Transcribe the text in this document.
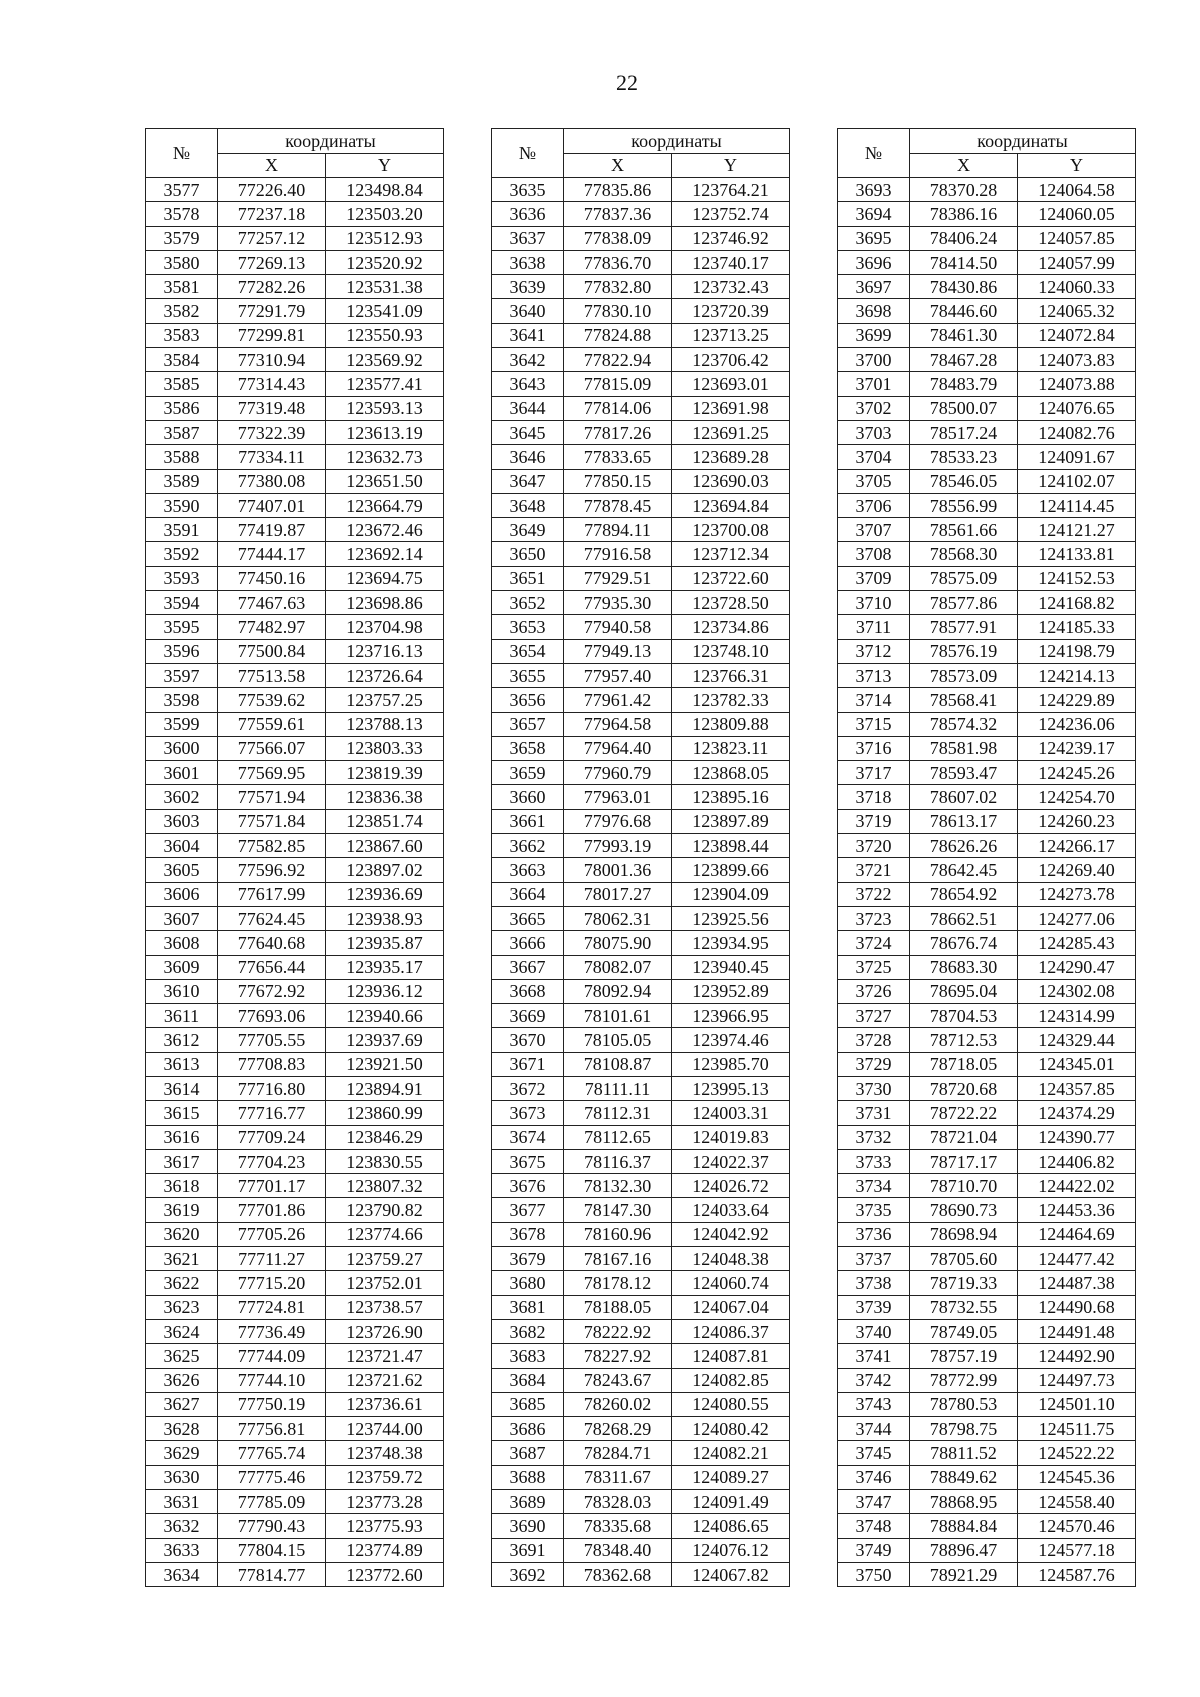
22
№	координаты	
	X	Y
3577	77226.40	123498.84
3578	77237.18	123503.20
3579	77257.12	123512.93
3580	77269.13	123520.92
3581	77282.26	123531.38
3582	77291.79	123541.09
3583	77299.81	123550.93
3584	77310.94	123569.92
3585	77314.43	123577.41
3586	77319.48	123593.13
3587	77322.39	123613.19
3588	77334.11	123632.73
3589	77380.08	123651.50
3590	77407.01	123664.79
3591	77419.87	123672.46
3592	77444.17	123692.14
3593	77450.16	123694.75
3594	77467.63	123698.86
3595	77482.97	123704.98
3596	77500.84	123716.13
3597	77513.58	123726.64
3598	77539.62	123757.25
3599	77559.61	123788.13
3600	77566.07	123803.33
3601	77569.95	123819.39
3602	77571.94	123836.38
3603	77571.84	123851.74
3604	77582.85	123867.60
3605	77596.92	123897.02
3606	77617.99	123936.69
3607	77624.45	123938.93
3608	77640.68	123935.87
3609	77656.44	123935.17
3610	77672.92	123936.12
3611	77693.06	123940.66
3612	77705.55	123937.69
3613	77708.83	123921.50
3614	77716.80	123894.91
3615	77716.77	123860.99
3616	77709.24	123846.29
3617	77704.23	123830.55
3618	77701.17	123807.32
3619	77701.86	123790.82
3620	77705.26	123774.66
3621	77711.27	123759.27
3622	77715.20	123752.01
3623	77724.81	123738.57
3624	77736.49	123726.90
3625	77744.09	123721.47
3626	77744.10	123721.62
3627	77750.19	123736.61
3628	77756.81	123744.00
3629	77765.74	123748.38
3630	77775.46	123759.72
3631	77785.09	123773.28
3632	77790.43	123775.93
3633	77804.15	123774.89
3634	77814.77	123772.60
№	координаты	
	X	Y
3635	77835.86	123764.21
3636	77837.36	123752.74
3637	77838.09	123746.92
3638	77836.70	123740.17
3639	77832.80	123732.43
3640	77830.10	123720.39
3641	77824.88	123713.25
3642	77822.94	123706.42
3643	77815.09	123693.01
3644	77814.06	123691.98
3645	77817.26	123691.25
3646	77833.65	123689.28
3647	77850.15	123690.03
3648	77878.45	123694.84
3649	77894.11	123700.08
3650	77916.58	123712.34
3651	77929.51	123722.60
3652	77935.30	123728.50
3653	77940.58	123734.86
3654	77949.13	123748.10
3655	77957.40	123766.31
3656	77961.42	123782.33
3657	77964.58	123809.88
3658	77964.40	123823.11
3659	77960.79	123868.05
3660	77963.01	123895.16
3661	77976.68	123897.89
3662	77993.19	123898.44
3663	78001.36	123899.66
3664	78017.27	123904.09
3665	78062.31	123925.56
3666	78075.90	123934.95
3667	78082.07	123940.45
3668	78092.94	123952.89
3669	78101.61	123966.95
3670	78105.05	123974.46
3671	78108.87	123985.70
3672	78111.11	123995.13
3673	78112.31	124003.31
3674	78112.65	124019.83
3675	78116.37	124022.37
3676	78132.30	124026.72
3677	78147.30	124033.64
3678	78160.96	124042.92
3679	78167.16	124048.38
3680	78178.12	124060.74
3681	78188.05	124067.04
3682	78222.92	124086.37
3683	78227.92	124087.81
3684	78243.67	124082.85
3685	78260.02	124080.55
3686	78268.29	124080.42
3687	78284.71	124082.21
3688	78311.67	124089.27
3689	78328.03	124091.49
3690	78335.68	124086.65
3691	78348.40	124076.12
3692	78362.68	124067.82
№	координаты	
	X	Y
3693	78370.28	124064.58
3694	78386.16	124060.05
3695	78406.24	124057.85
3696	78414.50	124057.99
3697	78430.86	124060.33
3698	78446.60	124065.32
3699	78461.30	124072.84
3700	78467.28	124073.83
3701	78483.79	124073.88
3702	78500.07	124076.65
3703	78517.24	124082.76
3704	78533.23	124091.67
3705	78546.05	124102.07
3706	78556.99	124114.45
3707	78561.66	124121.27
3708	78568.30	124133.81
3709	78575.09	124152.53
3710	78577.86	124168.82
3711	78577.91	124185.33
3712	78576.19	124198.79
3713	78573.09	124214.13
3714	78568.41	124229.89
3715	78574.32	124236.06
3716	78581.98	124239.17
3717	78593.47	124245.26
3718	78607.02	124254.70
3719	78613.17	124260.23
3720	78626.26	124266.17
3721	78642.45	124269.40
3722	78654.92	124273.78
3723	78662.51	124277.06
3724	78676.74	124285.43
3725	78683.30	124290.47
3726	78695.04	124302.08
3727	78704.53	124314.99
3728	78712.53	124329.44
3729	78718.05	124345.01
3730	78720.68	124357.85
3731	78722.22	124374.29
3732	78721.04	124390.77
3733	78717.17	124406.82
3734	78710.70	124422.02
3735	78690.73	124453.36
3736	78698.94	124464.69
3737	78705.60	124477.42
3738	78719.33	124487.38
3739	78732.55	124490.68
3740	78749.05	124491.48
3741	78757.19	124492.90
3742	78772.99	124497.73
3743	78780.53	124501.10
3744	78798.75	124511.75
3745	78811.52	124522.22
3746	78849.62	124545.36
3747	78868.95	124558.40
3748	78884.84	124570.46
3749	78896.47	124577.18
3750	78921.29	124587.76
